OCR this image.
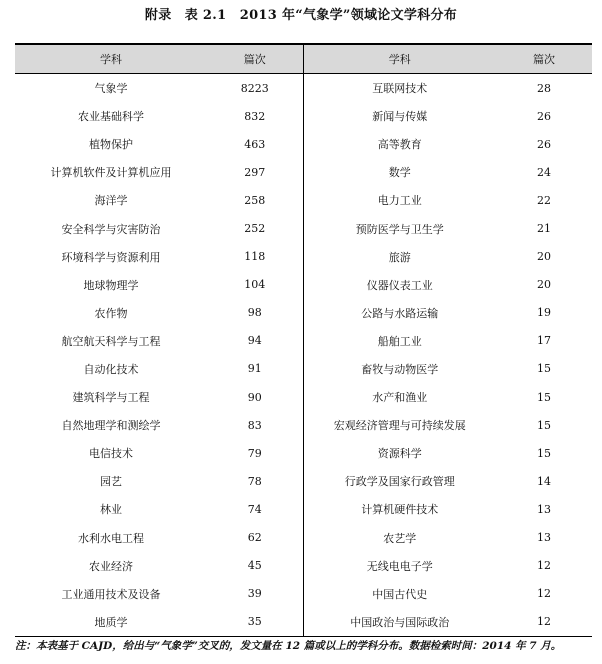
附录　表 2.1　2013 年“气象学”领域论文学科分布
学科	篇次	学科	篇次
气象学	8223	互联网技术	28
农业基础科学	832	新闻与传媒	26
植物保护	463	高等教育	26
计算机软件及计算机应用	297	数学	24
海洋学	258	电力工业	22
安全科学与灾害防治	252	预防医学与卫生学	21
环境科学与资源利用	118	旅游	20
地球物理学	104	仪器仪表工业	20
农作物	98	公路与水路运输	19
航空航天科学与工程	94	船舶工业	17
自动化技术	91	畜牧与动物医学	15
建筑科学与工程	90	水产和渔业	15
自然地理学和测绘学	83	宏观经济管理与可持续发展	15
电信技术	79	资源科学	15
园艺	78	行政学及国家行政管理	14
林业	74	计算机硬件技术	13
水利水电工程	62	农艺学	13
农业经济	45	无线电电子学	12
工业通用技术及设备	39	中国古代史	12
地质学	35	中国政治与国际政治	12
注：本表基于 CAJD，给出与“气象学”交叉的，发文量在 12 篇或以上的学科分布。数据检索时间：2014 年 7 月。
